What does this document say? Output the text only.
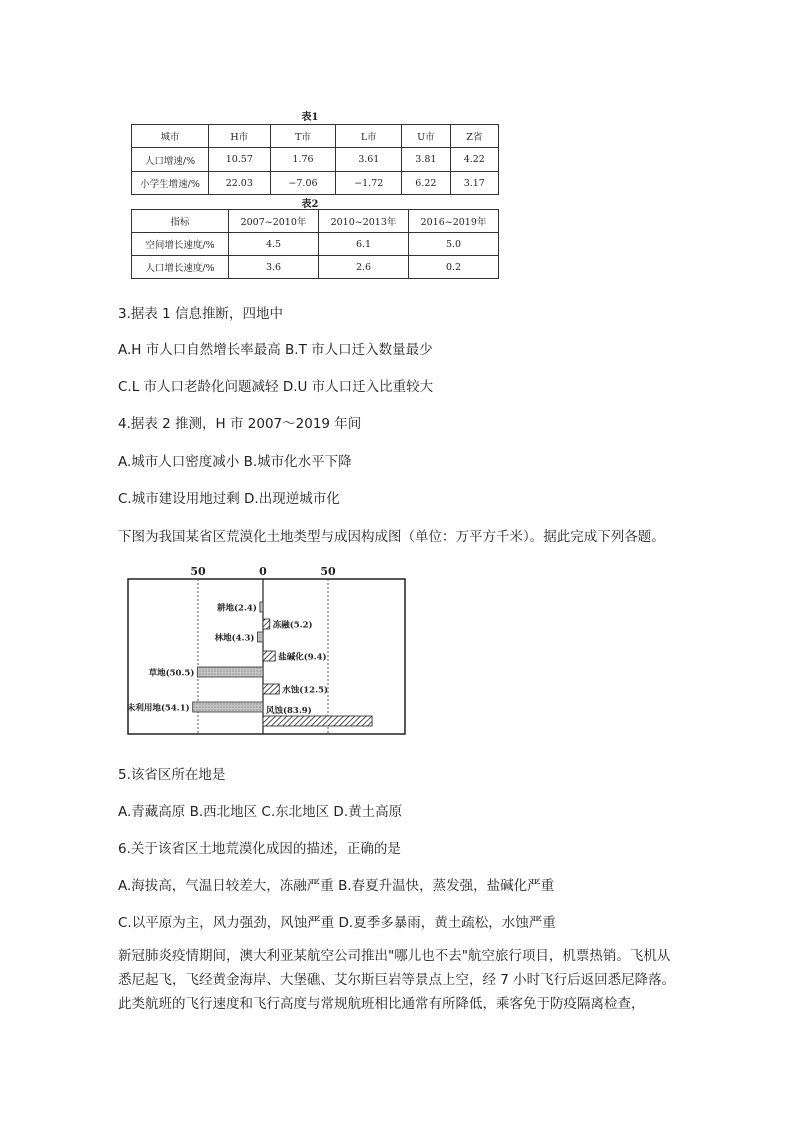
表1
城市	H市	T市	L市	U市	Z省
人口增速/%	10.57	1.76	3.61	3.81	4.22
小学生增速/%	22.03	−7.06	−1.72	6.22	3.17
表2
指标	2007~2010年	2010~2013年	2016~2019年
空间增长速度/%	4.5	6.1	5.0
人口增长速度/%	3.6	2.6	0.2
3.据表 1 信息推断，四地中
A.H 市人口自然增长率最高 B.T 市人口迁入数量最少
C.L 市人口老龄化问题减轻 D.U 市人口迁入比重较大
4.据表 2 推测，H 市 2007～2019 年间
A.城市人口密度减小 B.城市化水平下降
C.城市建设用地过剩 D.出现逆城市化
下图为我国某省区荒漠化土地类型与成因构成图（单位：万平方千米）。据此完成下列各题。
50	0	50
耕地(2.4)
林地(4.3)
草地(50.5)
未利用地(54.1)
冻融(5.2)
盐碱化(9.4)
水蚀(12.5)
风蚀(83.9)
5.该省区所在地是
A.青藏高原 B.西北地区 C.东北地区 D.黄土高原
6.关于该省区土地荒漠化成因的描述，正确的是
A.海拔高，气温日较差大，冻融严重 B.春夏升温快，蒸发强，盐碱化严重
C.以平原为主，风力强劲，风蚀严重 D.夏季多暴雨，黄土疏松，水蚀严重
新冠肺炎疫情期间，澳大利亚某航空公司推出"哪儿也不去"航空旅行项目，机票热销。飞机从悉尼起飞，飞经黄金海岸、大堡礁、艾尔斯巨岩等景点上空，经 7 小时飞行后返回悉尼降落。此类航班的飞行速度和飞行高度与常规航班相比通常有所降低，乘客免于防疫隔离检查，
